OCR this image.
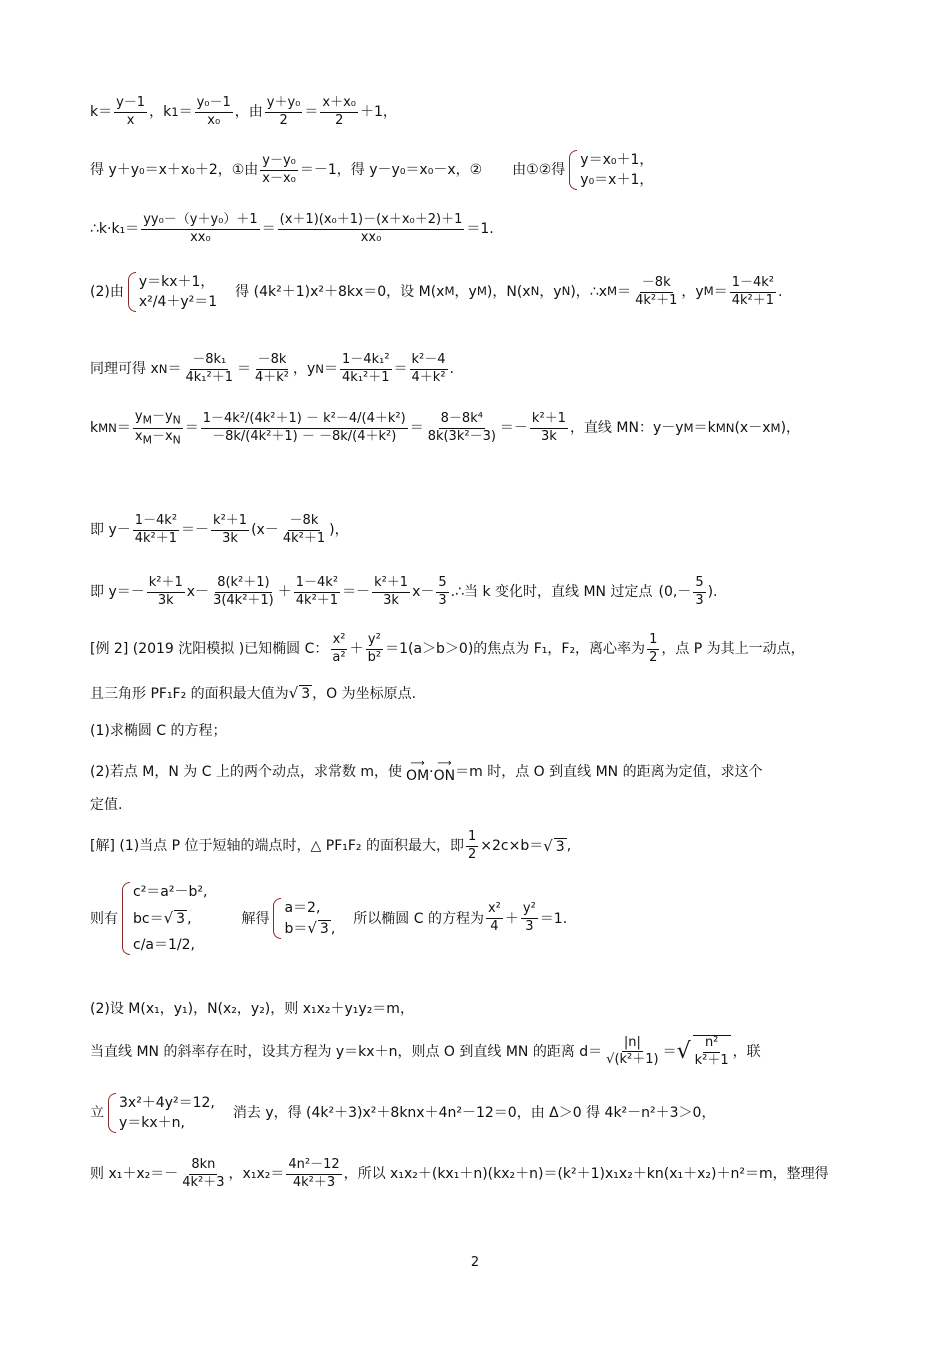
$k= \frac{y-1}{x}$ ，k $1 = \frac{\text{y₀－1}}{\text{x₀}}$ ，由 $\frac{\text{y＋y₀}}{2} = \frac{\text{x＋x₀}}{2} +1$，
得 y＋y₀＝x＋x₀＋2，①由 $\frac{\text{y－y₀}}{\text{x－x₀}} =-1$，得 y－y₀＝x₀－x，② 由①②得
y＝x₀＋1，
y₀＝x＋1，
∴k·k₁＝ $\frac{\text{yy₀－（y＋y₀）＋1}}{\text{xx₀}} = \frac{\text{(x＋1)(x₀＋1)－(x＋x₀＋2)＋1}}{\text{xx₀}} =1$.
(2)由
y＝kx＋1，
x²/4＋y²＝1
得 (4k²＋1)x²＋8kx＝0，设 M(x M ，y M )，N(x N ，y N )，∴x $M = \frac{-8k}{\text{4k²＋1}}$ ，y $M = \frac{\text{1－4k²}}{\text{4k²＋1}}$ .
同理可得 x $N = \frac{\text{－8k₁}}{\text{4k₁²＋1}} = \frac{-8k}{\text{4＋k²}}$ ，y $N = \frac{\text{1－4k₁²}}{\text{4k₁²＋1}} = \frac{\text{k²－4}}{\text{4＋k²}}$ .
k MN ＝ $\frac{y_M-y_N}{x_M-x_N} = \frac{\text{1－4k²/(4k²＋1) － k²－4/(4＋k²)}}{\text{－8k/(4k²＋1) － －8k/(4＋k²)}} = \frac{\text{8－8k⁴}}{\text{8k(3k²－3)}} =- \frac{\text{k²＋1}}{3k}$ ，直线 MN：y－y M ＝k MN (x－x M )，
即 $y- \frac{\text{1－4k²}}{\text{4k²＋1}} =- \frac{\text{k²＋1}}{3k} (x- \frac{-8k}{\text{4k²＋1}}$ )，
即 $y=- \frac{\text{k²＋1}}{3k} x- \frac{\text{8(k²＋1)}}{\text{3(4k²＋1)}} + \frac{\text{1－4k²}}{\text{4k²＋1}} =- \frac{\text{k²＋1}}{3k} x- \frac{5}{3}$ .∴当 k 变化时，直线 MN 过定点 ($0,- \frac{5}{3}$ ).
[例 2] (2019 沈阳模拟 )已知椭圆 C： $\frac{\text{x²}}{\text{a²}} + \frac{\text{y²}}{\text{b²}} =1(a>b>0)$的焦点为 F₁，F₂，离心率为 $\frac{1}{2}$ ，点 P 为其上一动点，
且三角形 PF₁F₂ 的面积最大值为 √ 3 ，O 为坐标原点.
(1)求椭圆 C 的方程；
(2)若点 M，N 为 C 上的两个动点，求常数 m，使
⟶
OM ·
⟶
ON ＝m 时，点 O 到直线 MN 的距离为定值，求这个
定值.
[解] (1)当点 P 位于短轴的端点时，△ PF₁F₂ 的面积最大，即 $\frac{1}{2} \times 2c\times b=$ √ 3 ,
则有
c²＝a²－b²,
bc＝√ 3 ,
c/a＝1/2,
解得
a＝2,
b＝√ 3 ,
所以椭圆 C 的方程为 $\frac{\text{x²}}{4} + \frac{\text{y²}}{3} =1$.
(2)设 M(x₁，y₁)，N(x₂，y₂)，则 x₁x₂＋y₁y₂＝m，
当直线 MN 的斜率存在时，设其方程为 y＝kx＋n，则点 O 到直线 MN 的距离 $d= \frac{|n|}{\text{√(k²＋1)}}$ ＝ √ $\frac{\text{n²}}{\text{k²＋1}}$ ，联
立
3x²＋4y²＝12,
y＝kx＋n,
消去 y，得 (4k²＋3)x²＋8knx＋4n²－12＝0，由 Δ＞0 得 4k²－n²＋3＞0，
则 $x_1+x_2=- \frac{8kn}{\text{4k²＋3}}$ ，$x_1x_2= \frac{\text{4n²－12}}{\text{4k²＋3}}$ ，所以 x₁x₂＋(kx₁＋n)(kx₂＋n)＝(k²＋1)x₁x₂＋kn(x₁＋x₂)＋n²＝m，整理得
2
